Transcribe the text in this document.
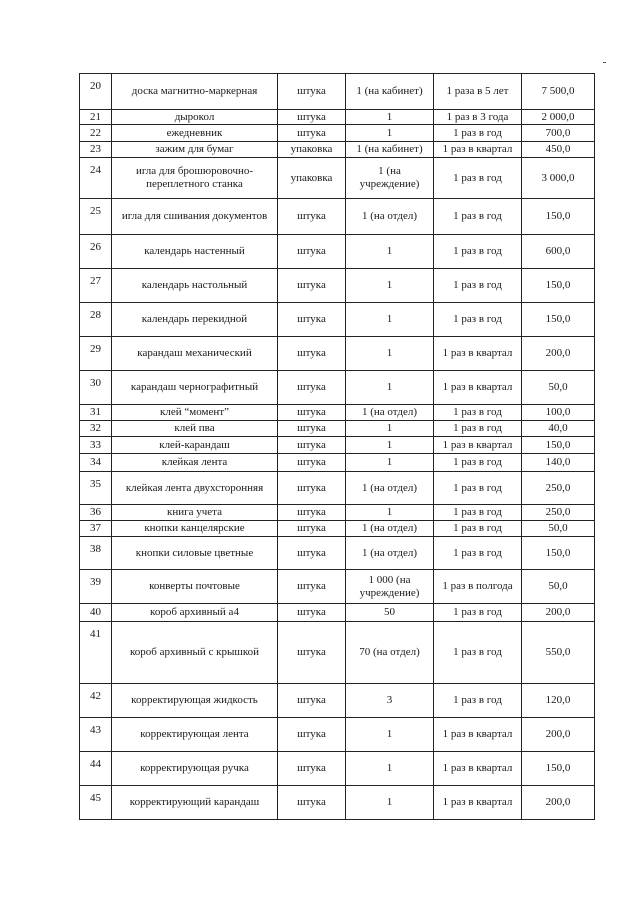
20	доска магнитно-маркерная	штука	1 (на кабинет)	1 раза в 5 лет	7 500,0
21	дырокол	штука	1	1 раз в 3 года	2 000,0
22	ежедневник	штука	1	1 раз в год	700,0
23	зажим для бумаг	упаковка	1 (на кабинет)	1 раз в квартал	450,0
24	игла для брошюровочно-переплетного станка	упаковка	1 (на учреждение)	1 раз в год	3 000,0
25	игла для сшивания документов	штука	1 (на отдел)	1 раз в год	150,0
26	календарь настенный	штука	1	1 раз в год	600,0
27	календарь настольный	штука	1	1 раз в год	150,0
28	календарь перекидной	штука	1	1 раз в год	150,0
29	карандаш механический	штука	1	1 раз в квартал	200,0
30	карандаш чернографитный	штука	1	1 раз в квартал	50,0
31	клей “момент”	штука	1 (на отдел)	1 раз в год	100,0
32	клей пва	штука	1	1 раз в год	40,0
33	клей-карандаш	штука	1	1 раз в квартал	150,0
34	клейкая лента	штука	1	1 раз в год	140,0
35	клейкая лента двухсторонняя	штука	1 (на отдел)	1 раз в год	250,0
36	книга учета	штука	1	1 раз в год	250,0
37	кнопки канцелярские	штука	1 (на отдел)	1 раз в год	50,0
38	кнопки силовые цветные	штука	1 (на отдел)	1 раз в год	150,0
39	конверты почтовые	штука	1 000 (на учреждение)	1 раз в полгода	50,0
40	короб архивный а4	штука	50	1 раз в год	200,0
41	короб архивный с крышкой	штука	70 (на отдел)	1 раз в год	550,0
42	корректирующая жидкость	штука	3	1 раз в год	120,0
43	корректирующая лента	штука	1	1 раз в квартал	200,0
44	корректирующая ручка	штука	1	1 раз в квартал	150,0
45	корректирующий карандаш	штука	1	1 раз в квартал	200,0
